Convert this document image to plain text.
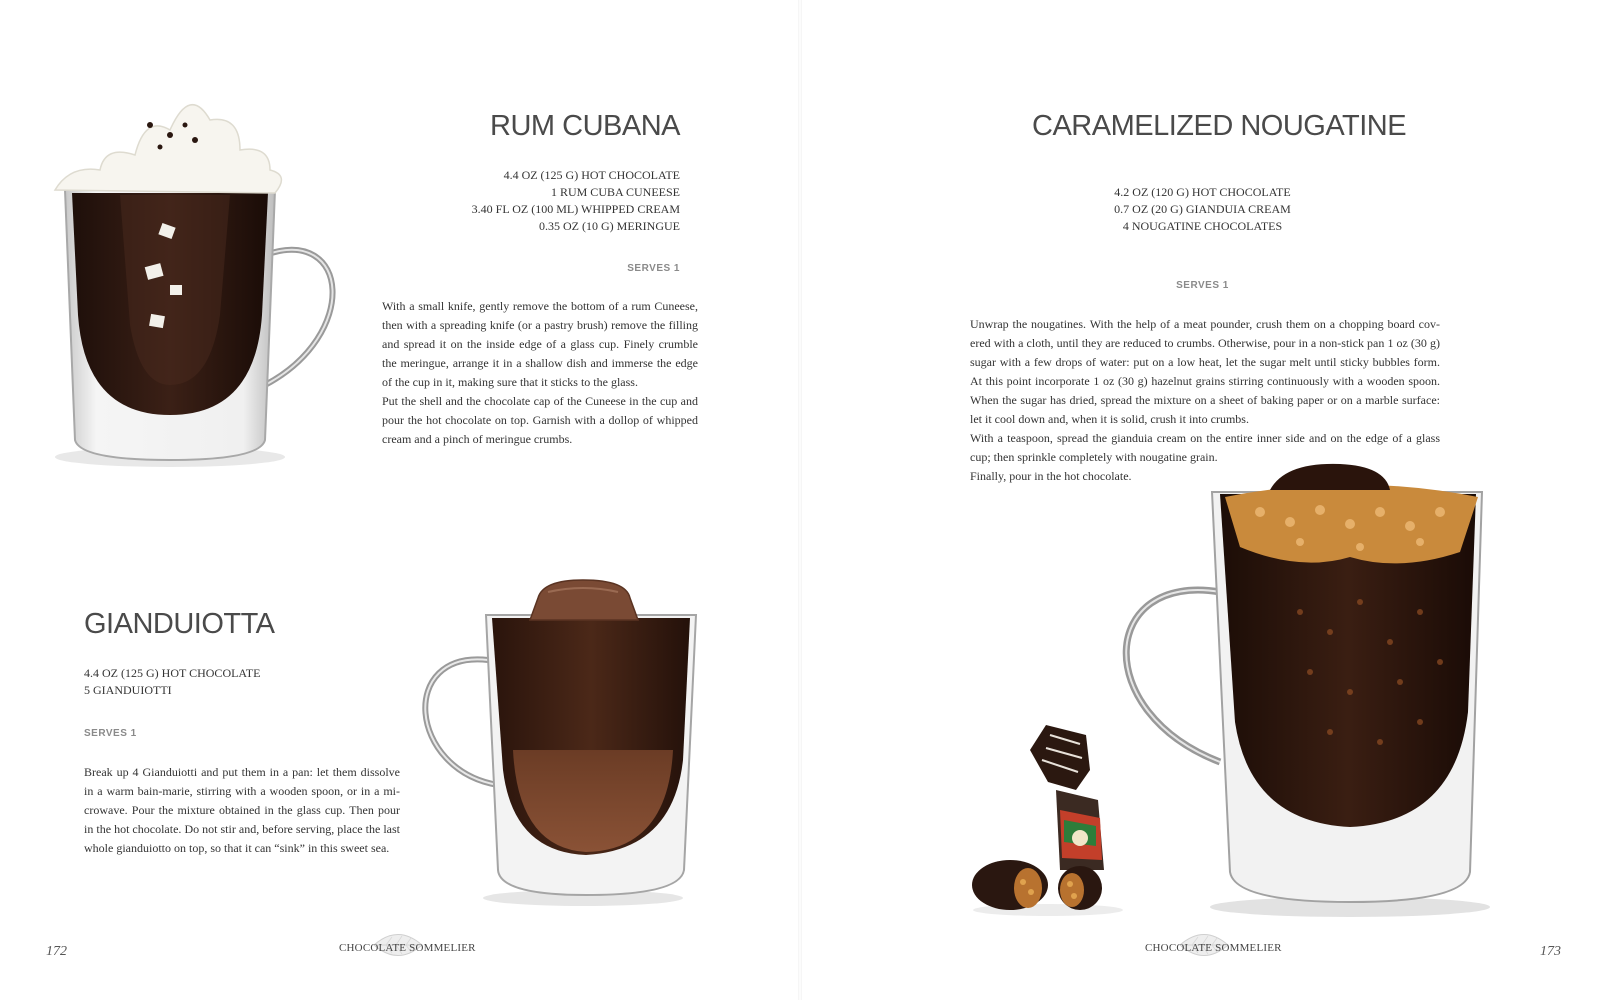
RUM CUBANA
4.4 OZ (125 G) HOT CHOCOLATE
1 RUM CUBA CUNEESE
3.40 FL OZ (100 ML) WHIPPED CREAM
0.35 OZ (10 G) MERINGUE

SERVES 1

With a small knife, gently remove the bottom of a rum Cuneese, then with a spreading knife (or a pastry brush) remove the filling and spread it on the inside edge of a glass cup. Finely crumble the meringue, arrange it in a shallow dish and immerse the edge of the cup in it, making sure that it sticks to the glass.

Put the shell and the chocolate cap of the Cuneese in the cup and pour the hot chocolate on top. Garnish with a dollop of whipped cream and a pinch of meringue crumbs.

GIANDUIOTTA
4.4 OZ (125 G) HOT CHOCOLATE
5 GIANDUIOTTI

SERVES 1

Break up 4 Gianduiotti and put them in a pan: let them dissolve in a warm bain-marie, stirring with a wooden spoon, or in a mi-crowave. Pour the mixture obtained in the glass cup. Then pour in the hot chocolate. Do not stir and, before serving, place the last whole gianduiotto on top, so that it can “sink” in this sweet sea.

CHOCOLATE SOMMELIER
172
CARAMELIZED NOUGATINE
4.2 OZ (120 G) HOT CHOCOLATE
0.7 OZ (20 G) GIANDUIA CREAM
4 NOUGATINE CHOCOLATES

SERVES 1

Unwrap the nougatines. With the help of a meat pounder, crush them on a chopping board cov-ered with a cloth, until they are reduced to crumbs. Otherwise, pour in a non-stick pan 1 oz (30 g) sugar with a few drops of water: put on a low heat, let the sugar melt until sticky bubbles form. At this point incorporate 1 oz (30 g) hazelnut grains stirring continuously with a wooden spoon. When the sugar has dried, spread the mixture on a sheet of baking paper or on a marble surface: let it cool down and, when it is solid, crush it into crumbs.

With a teaspoon, spread the gianduia cream on the entire inner side and on the edge of a glass cup; then sprinkle completely with nougatine grain.

Finally, pour in the hot chocolate.

CHOCOLATE SOMMELIER	173
